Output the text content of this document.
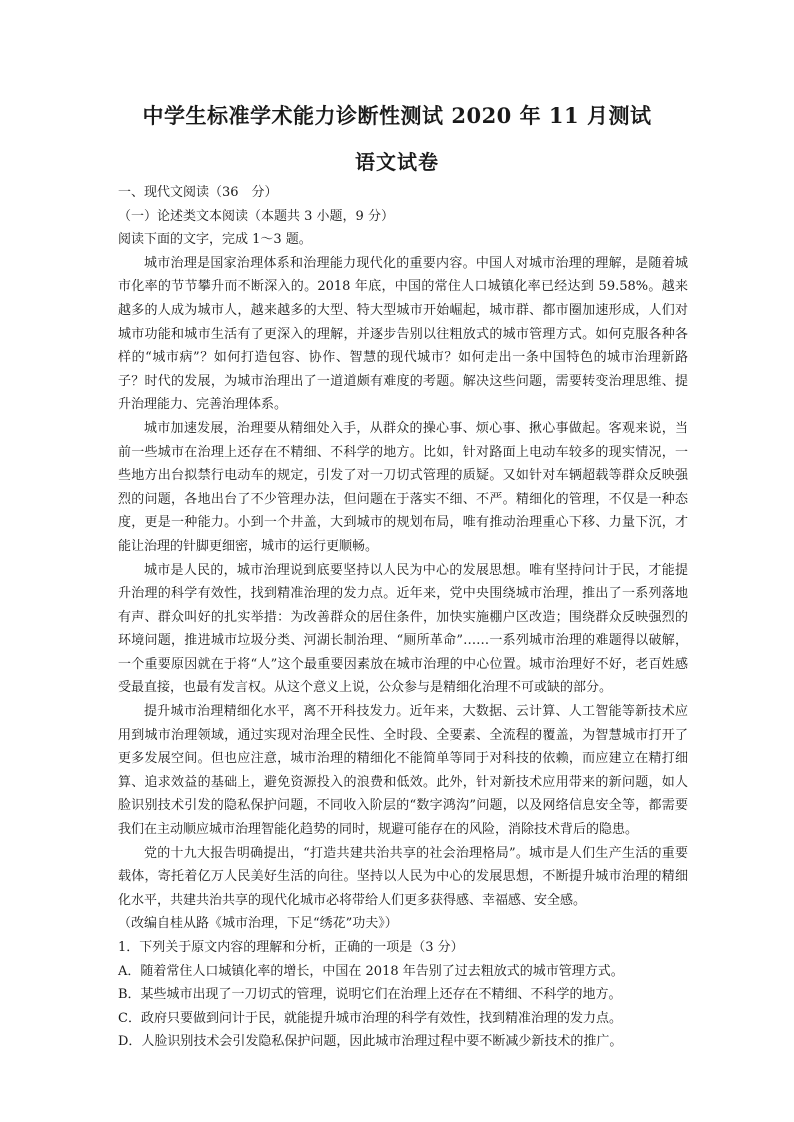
中学生标准学术能力诊断性测试 2020 年 11 月测试
语文试卷

一、现代文阅读（36　分）

（一）论述类文本阅读（本题共 3 小题，9 分）

阅读下面的文字，完成 1～3 题。

城市治理是国家治理体系和治理能力现代化的重要内容。中国人对城市治理的理解，是随着城市化率的节节攀升而不断深入的。2018 年底，中国的常住人口城镇化率已经达到 59.58%。越来越多的人成为城市人，越来越多的大型、特大型城市开始崛起，城市群、都市圈加速形成，人们对城市功能和城市生活有了更深入的理解，并逐步告别以往粗放式的城市管理方式。如何克服各种各样的“城市病”？如何打造包容、协作、智慧的现代城市？如何走出一条中国特色的城市治理新路子？时代的发展，为城市治理出了一道道颇有难度的考题。解决这些问题，需要转变治理思维、提升治理能力、完善治理体系。

城市加速发展，治理要从精细处入手，从群众的操心事、烦心事、揪心事做起。客观来说，当前一些城市在治理上还存在不精细、不科学的地方。比如，针对路面上电动车较多的现实情况，一些地方出台拟禁行电动车的规定，引发了对一刀切式管理的质疑。又如针对车辆超载等群众反映强烈的问题，各地出台了不少管理办法，但问题在于落实不细、不严。精细化的管理，不仅是一种态度，更是一种能力。小到一个井盖，大到城市的规划布局，唯有推动治理重心下移、力量下沉，才能让治理的针脚更细密，城市的运行更顺畅。

城市是人民的，城市治理说到底要坚持以人民为中心的发展思想。唯有坚持问计于民，才能提升治理的科学有效性，找到精准治理的发力点。近年来，党中央围绕城市治理，推出了一系列落地有声、群众叫好的扎实举措：为改善群众的居住条件，加快实施棚户区改造；围绕群众反映强烈的环境问题，推进城市垃圾分类、河湖长制治理、“厕所革命”……一系列城市治理的难题得以破解，一个重要原因就在于将“人”这个最重要因素放在城市治理的中心位置。城市治理好不好，老百姓感受最直接，也最有发言权。从这个意义上说，公众参与是精细化治理不可或缺的部分。

提升城市治理精细化水平，离不开科技发力。近年来，大数据、云计算、人工智能等新技术应用到城市治理领域，通过实现对治理全民性、全时段、全要素、全流程的覆盖，为智慧城市打开了更多发展空间。但也应注意，城市治理的精细化不能简单等同于对科技的依赖，而应建立在精打细算、追求效益的基础上，避免资源投入的浪费和低效。此外，针对新技术应用带来的新问题，如人脸识别技术引发的隐私保护问题，不同收入阶层的“数字鸿沟”问题，以及网络信息安全等，都需要我们在主动顺应城市治理智能化趋势的同时，规避可能存在的风险，消除技术背后的隐患。

党的十九大报告明确提出，“打造共建共治共享的社会治理格局”。城市是人们生产生活的重要载体，寄托着亿万人民美好生活的向往。坚持以人民为中心的发展思想，不断提升城市治理的精细化水平，共建共治共享的现代化城市必将带给人们更多获得感、幸福感、安全感。

（改编自桂从路《城市治理，下足“绣花”功夫》）

1．下列关于原文内容的理解和分析，正确的一项是（3 分）

A．随着常住人口城镇化率的增长，中国在 2018 年告别了过去粗放式的城市管理方式。

B．某些城市出现了一刀切式的管理，说明它们在治理上还存在不精细、不科学的地方。

C．政府只要做到问计于民，就能提升城市治理的科学有效性，找到精准治理的发力点。

D．人脸识别技术会引发隐私保护问题，因此城市治理过程中要不断减少新技术的推广。
